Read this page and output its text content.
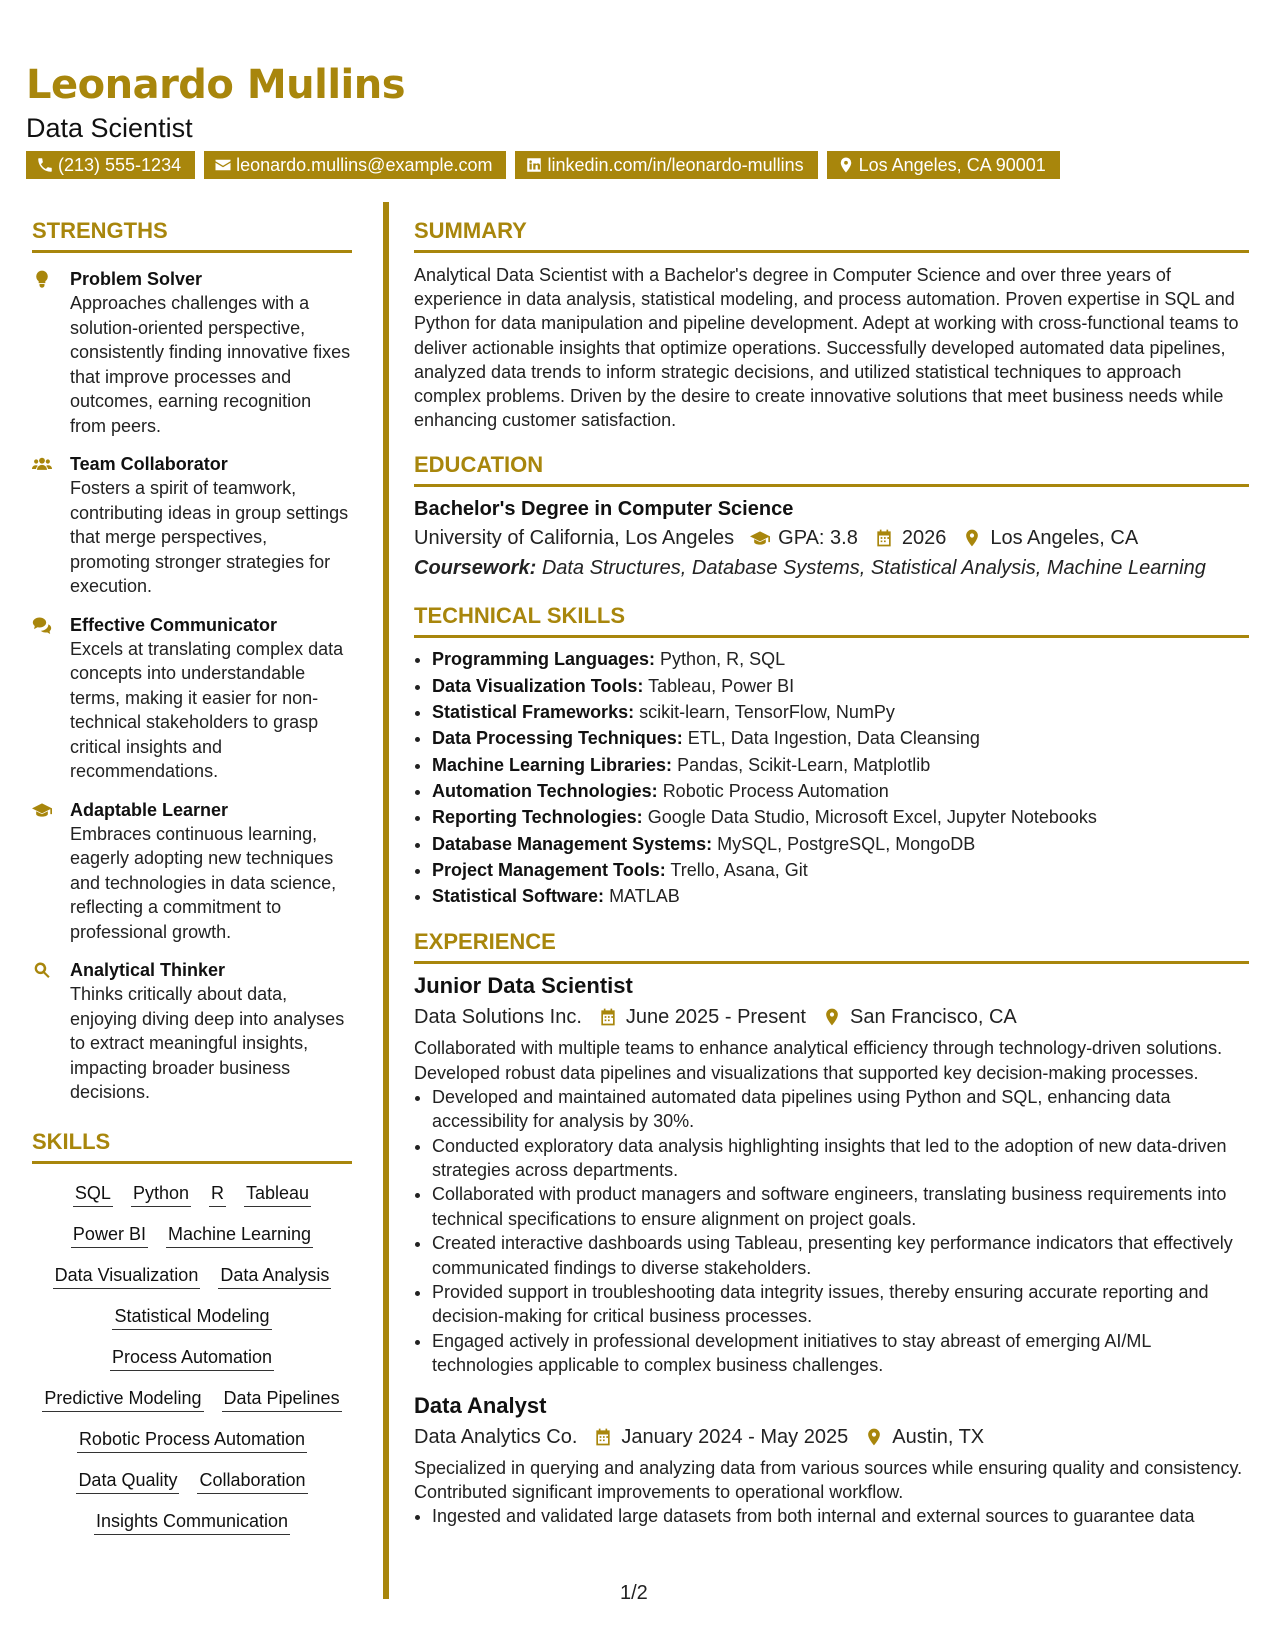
Leonardo Mullins
Data Scientist
(213) 555-1234	leonardo.mullins@example.com	linkedin.com/in/leonardo-mullins	Los Angeles, CA 90001
STRENGTHS
Problem Solver
Approaches challenges with a solution-oriented perspective, consistently finding innovative fixes that improve processes and outcomes, earning recognition from peers.
Team Collaborator
Fosters a spirit of teamwork, contributing ideas in group settings that merge perspectives, promoting stronger strategies for execution.
Effective Communicator
Excels at translating complex data concepts into understandable terms, making it easier for non-technical stakeholders to grasp critical insights and recommendations.
Adaptable Learner
Embraces continuous learning, eagerly adopting new techniques and technologies in data science, reflecting a commitment to professional growth.
Analytical Thinker
Thinks critically about data, enjoying diving deep into analyses to extract meaningful insights, impacting broader business decisions.
SKILLS
SQL Python R Tableau
Power BI Machine Learning
Data Visualization Data Analysis
Statistical Modeling
Process Automation
Predictive Modeling Data Pipelines
Robotic Process Automation
Data Quality Collaboration
Insights Communication
SUMMARY
Analytical Data Scientist with a Bachelor's degree in Computer Science and over three years of experience in data analysis, statistical modeling, and process automation. Proven expertise in SQL and Python for data manipulation and pipeline development. Adept at working with cross-functional teams to deliver actionable insights that optimize operations. Successfully developed automated data pipelines, analyzed data trends to inform strategic decisions, and utilized statistical techniques to approach complex problems. Driven by the desire to create innovative solutions that meet business needs while enhancing customer satisfaction.
EDUCATION
Bachelor's Degree in Computer Science
University of California, Los Angeles GPA: 3.8 2026 Los Angeles, CA
Coursework: Data Structures, Database Systems, Statistical Analysis, Machine Learning
TECHNICAL SKILLS
• Programming Languages: Python, R, SQL
• Data Visualization Tools: Tableau, Power BI
• Statistical Frameworks: scikit-learn, TensorFlow, NumPy
• Data Processing Techniques: ETL, Data Ingestion, Data Cleansing
• Machine Learning Libraries: Pandas, Scikit-Learn, Matplotlib
• Automation Technologies: Robotic Process Automation
• Reporting Technologies: Google Data Studio, Microsoft Excel, Jupyter Notebooks
• Database Management Systems: MySQL, PostgreSQL, MongoDB
• Project Management Tools: Trello, Asana, Git
• Statistical Software: MATLAB
EXPERIENCE
Junior Data Scientist
Data Solutions Inc. June 2025 - Present San Francisco, CA
Collaborated with multiple teams to enhance analytical efficiency through technology-driven solutions. Developed robust data pipelines and visualizations that supported key decision-making processes.
• Developed and maintained automated data pipelines using Python and SQL, enhancing data accessibility for analysis by 30%.
• Conducted exploratory data analysis highlighting insights that led to the adoption of new data-driven strategies across departments.
• Collaborated with product managers and software engineers, translating business requirements into technical specifications to ensure alignment on project goals.
• Created interactive dashboards using Tableau, presenting key performance indicators that effectively communicated findings to diverse stakeholders.
• Provided support in troubleshooting data integrity issues, thereby ensuring accurate reporting and decision-making for critical business processes.
• Engaged actively in professional development initiatives to stay abreast of emerging AI/ML technologies applicable to complex business challenges.
Data Analyst
Data Analytics Co. January 2024 - May 2025 Austin, TX
Specialized in querying and analyzing data from various sources while ensuring quality and consistency. Contributed significant improvements to operational workflow.
• Ingested and validated large datasets from both internal and external sources to guarantee data
1/2
